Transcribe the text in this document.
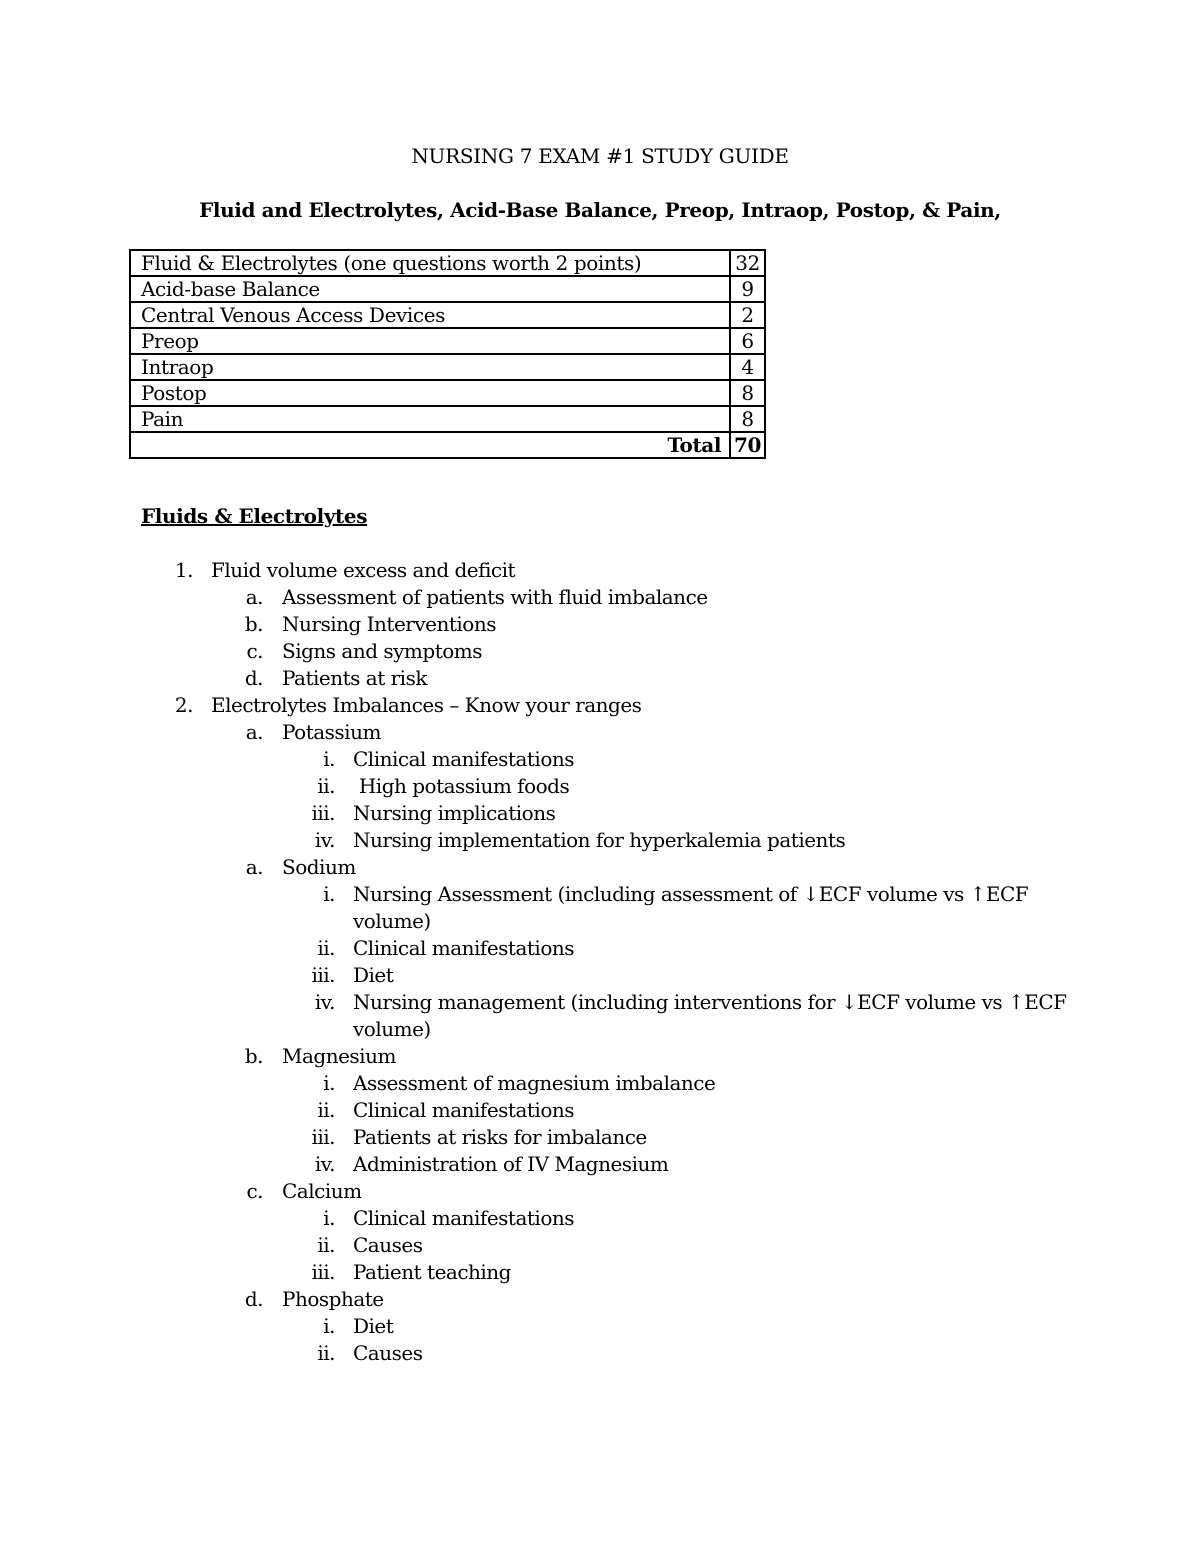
NURSING 7 EXAM #1 STUDY GUIDE
Fluid and Electrolytes, Acid-Base Balance, Preop, Intraop, Postop, & Pain,
Fluid & Electrolytes (one questions worth 2 points)	32
Acid-base Balance	9
Central Venous Access Devices	2
Preop	6
Intraop	4
Postop	8
Pain	8
Total	70
Fluids & Electrolytes
1. Fluid volume excess and deficit
a. Assessment of patients with fluid imbalance
b. Nursing Interventions
c. Signs and symptoms
d. Patients at risk
2. Electrolytes Imbalances – Know your ranges
a. Potassium
i. Clinical manifestations
ii. High potassium foods
iii. Nursing implications
iv. Nursing implementation for hyperkalemia patients
a. Sodium
i. Nursing Assessment (including assessment of ↓ECF volume vs ↑ECF
volume)
ii. Clinical manifestations
iii. Diet
iv. Nursing management (including interventions for ↓ECF volume vs ↑ECF
volume)
b. Magnesium
i. Assessment of magnesium imbalance
ii. Clinical manifestations
iii. Patients at risks for imbalance
iv. Administration of IV Magnesium
c. Calcium
i. Clinical manifestations
ii. Causes
iii. Patient teaching
d. Phosphate
i. Diet
ii. Causes
